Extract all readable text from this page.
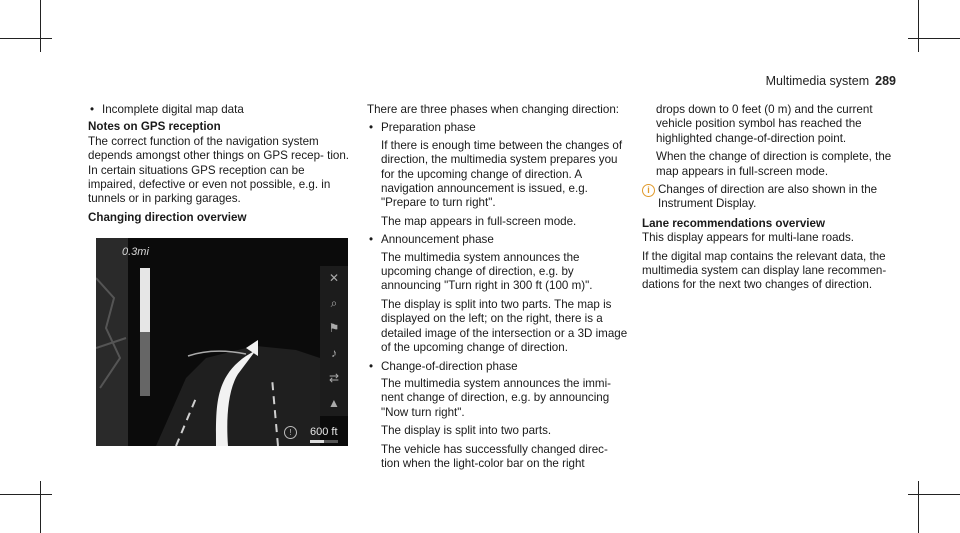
Multimedia system 289
• Incomplete digital map data
Notes on GPS reception

The correct function of the navigation system depends amongst other things on GPS recep- tion. In certain situations GPS reception can be impaired, defective or even not possible, e.g. in tunnels or in parking garages.

Changing direction overview
0.3mi
✕
⌕
⚑
♪
⇄
▲
!	600 ft

There are three phases when changing direction:

• Preparation phase

If there is enough time between the changes of direction, the multimedia system prepares you for the upcoming change of direction. A navigation announcement is issued, e.g. "Prepare to turn right".

The map appears in full-screen mode.

• Announcement phase

The multimedia system announces the upcoming change of direction, e.g. by announcing "Turn right in 300 ft (100 m)".

The display is split into two parts. The map is displayed on the left; on the right, there is a detailed image of the intersection or a 3D image of the upcoming change of direction.

• Change-of-direction phase

The multimedia system announces the immi- nent change of direction, e.g. by announcing "Now turn right".

The display is split into two parts.

The vehicle has successfully changed direc- tion when the light-color bar on the right

drops down to 0 feet (0 m) and the current vehicle position symbol has reached the highlighted change-of-direction point.

When the change of direction is complete, the map appears in full-screen mode.

i Changes of direction are also shown in the Instrument Display.
Lane recommendations overview

This display appears for multi-lane roads.

If the digital map contains the relevant data, the multimedia system can display lane recommen- dations for the next two changes of direction.
